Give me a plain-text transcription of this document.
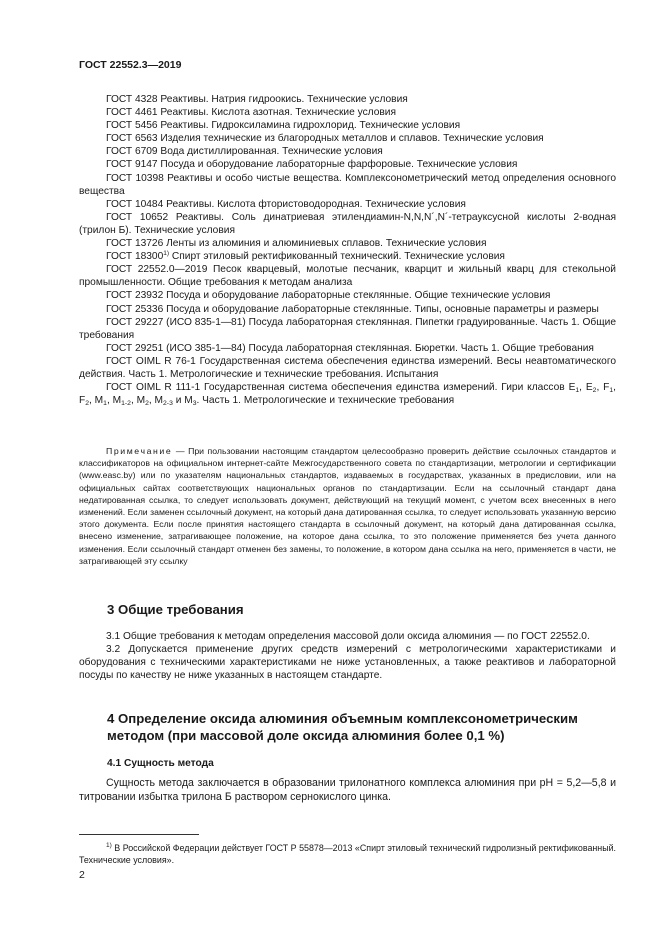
ГОСТ 22552.3—2019

ГОСТ 4328 Реактивы. Натрия гидроокись. Технические условия

ГОСТ 4461 Реактивы. Кислота азотная. Технические условия

ГОСТ 5456 Реактивы. Гидроксиламина гидрохлорид. Технические условия

ГОСТ 6563 Изделия технические из благородных металлов и сплавов. Технические условия

ГОСТ 6709 Вода дистиллированная. Технические условия

ГОСТ 9147 Посуда и оборудование лабораторные фарфоровые. Технические условия

ГОСТ 10398 Реактивы и особо чистые вещества. Комплексонометрический метод определения основного вещества

ГОСТ 10484 Реактивы. Кислота фтористоводородная. Технические условия

ГОСТ 10652 Реактивы. Соль динатриевая этилендиамин-N,N,N´,N´-тетрауксусной кислоты 2-водная (трилон Б). Технические условия

ГОСТ 13726 Ленты из алюминия и алюминиевых сплавов. Технические условия

ГОСТ 18300$^{1)}$ Спирт этиловый ректификованный технический. Технические условия

ГОСТ 22552.0—2019 Песок кварцевый, молотые песчаник, кварцит и жильный кварц для стекольной промышленности. Общие требования к методам анализа

ГОСТ 23932 Посуда и оборудование лабораторные стеклянные. Общие технические условия

ГОСТ 25336 Посуда и оборудование лабораторные стеклянные. Типы, основные параметры и размеры

ГОСТ 29227 (ИСО 835-1—81) Посуда лабораторная стеклянная. Пипетки градуированные. Часть 1. Общие требования

ГОСТ 29251 (ИСО 385-1—84) Посуда лабораторная стеклянная. Бюретки. Часть 1. Общие требования

ГОСТ OIML R 76-1 Государственная система обеспечения единства измерений. Весы неавтоматического действия. Часть 1. Метрологические и технические требования. Испытания

ГОСТ OIML R 111-1 Государственная система обеспечения единства измерений. Гири классов $E_1$, $E_2$, $F_1$, $F_2$, $M_1$, $M_{1-2}$, $M_2$, $M_{2-3}$ и $M_3$. Часть 1. Метрологические и технические требования

Примечание — При пользовании настоящим стандартом целесообразно проверить действие ссылочных стандартов и классификаторов на официальном интернет-сайте Межгосударственного совета по стандартизации, метрологии и сертификации (www.easc.by) или по указателям национальных стандартов, издаваемых в государствах, указанных в предисловии, или на официальных сайтах соответствующих национальных органов по стандартизации. Если на ссылочный стандарт дана недатированная ссылка, то следует использовать документ, действующий на текущий момент, с учетом всех внесенных в него изменений. Если заменен ссылочный документ, на который дана датированная ссылка, то следует использовать указанную версию этого документа. Если после принятия настоящего стандарта в ссылочный документ, на который дана датированная ссылка, внесено изменение, затрагивающее положение, на которое дана ссылка, то это положение применяется без учета данного изменения. Если ссылочный стандарт отменен без замены, то положение, в котором дана ссылка на него, применяется в части, не затрагивающей эту ссылку

3 Общие требования

3.1 Общие требования к методам определения массовой доли оксида алюминия — по ГОСТ 22552.0.

3.2 Допускается применение других средств измерений с метрологическими характеристиками и оборудования с техническими характеристиками не ниже установленных, а также реактивов и лабораторной посуды по качеству не ниже указанных в настоящем стандарте.

4 Определение оксида алюминия объемным комплексонометрическим методом (при массовой доле оксида алюминия более 0,1 %)
4.1 Сущность метода

Сущность метода заключается в образовании трилонатного комплекса алюминия при pH = 5,2—5,8 и титровании избытка трилона Б раствором сернокислого цинка.

$^{1)}$ В Российской Федерации действует ГОСТ Р 55878—2013 «Спирт этиловый технический гидролизный ректификованный. Технические условия».

2
